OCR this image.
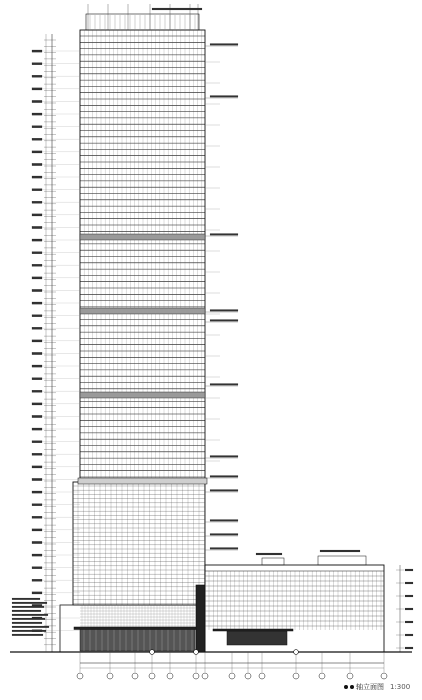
轴立面图 1:300
